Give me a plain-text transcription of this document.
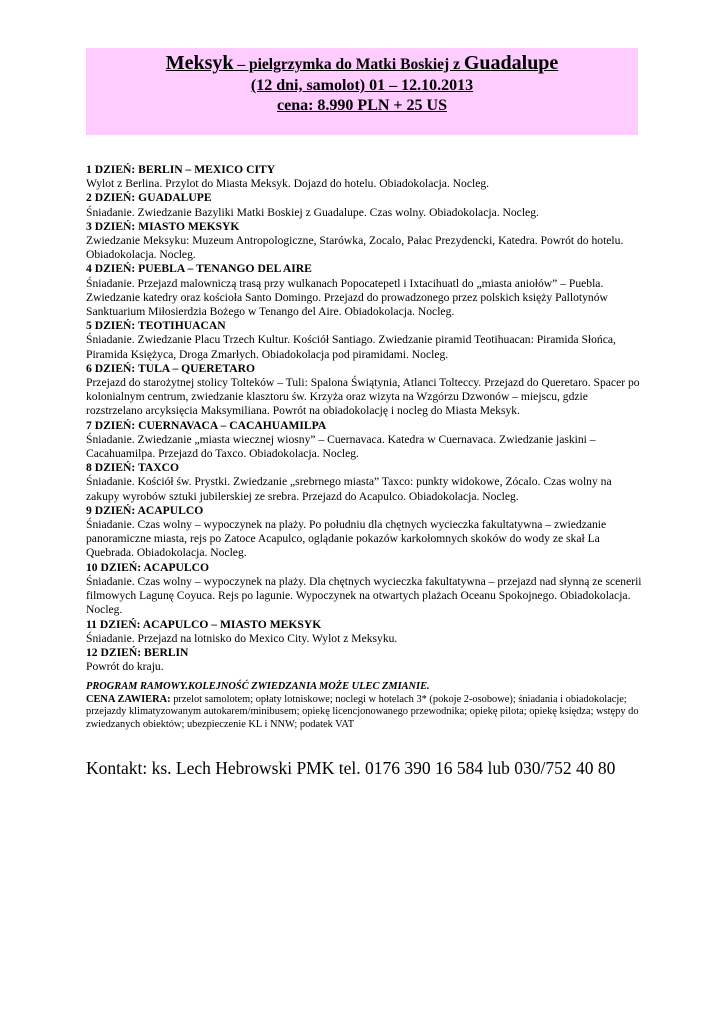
Meksyk – pielgrzymka do Matki Boskiej z Guadalupe
(12 dni, samolot) 01 – 12.10.2013
cena: 8.990 PLN + 25 US
1 DZIEŃ: BERLIN – MEXICO CITY
Wylot z Berlina. Przylot do Miasta Meksyk. Dojazd do hotelu. Obiadokolacja. Nocleg.
2 DZIEŃ: GUADALUPE
Śniadanie. Zwiedzanie Bazyliki Matki Boskiej z Guadalupe. Czas wolny. Obiadokolacja. Nocleg.
3 DZIEŃ: MIASTO MEKSYK
Zwiedzanie Meksyku: Muzeum Antropologiczne, Starówka, Zocalo, Pałac Prezydencki, Katedra. Powrót do hotelu. Obiadokolacja. Nocleg.
4 DZIEŃ: PUEBLA – TENANGO DEL AIRE
Śniadanie. Przejazd malowniczą trasą przy wulkanach Popocatepetl i Ixtacihuatl do „miasta aniołów” – Puebla. Zwiedzanie katedry oraz kościoła Santo Domingo. Przejazd do prowadzonego przez polskich księży Pallotynów Sanktuarium Miłosierdzia Bożego w Tenango del Aire. Obiadokolacja. Nocleg.
5 DZIEŃ: TEOTIHUACAN
Śniadanie. Zwiedzanie Placu Trzech Kultur. Kościół Santiago. Zwiedzanie piramid Teotihuacan: Piramida Słońca, Piramida Księżyca, Droga Zmarłych. Obiadokolacja pod piramidami. Nocleg.
6 DZIEŃ: TULA – QUERETARO
Przejazd do starożytnej stolicy Tolteków – Tuli: Spalona Świątynia, Atlanci Tolteccy. Przejazd do Queretaro. Spacer po kolonialnym centrum, zwiedzanie klasztoru św. Krzyża oraz wizyta na Wzgórzu Dzwonów – miejscu, gdzie rozstrzelano arcyksięcia Maksymiliana. Powrót na obiadokolację i nocleg do Miasta Meksyk.
7 DZIEŃ: CUERNAVACA – CACAHUAMILPA
Śniadanie. Zwiedzanie „miasta wiecznej wiosny” – Cuernavaca. Katedra w Cuernavaca. Zwiedzanie jaskini – Cacahuamilpa. Przejazd do Taxco. Obiadokolacja. Nocleg.
8 DZIEŃ: TAXCO
Śniadanie. Kościół św. Prystki. Zwiedzanie „srebrnego miasta” Taxco: punkty widokowe, Zócalo. Czas wolny na zakupy wyrobów sztuki jubilerskiej ze srebra. Przejazd do Acapulco. Obiadokolacja. Nocleg.
9 DZIEŃ: ACAPULCO
Śniadanie. Czas wolny – wypoczynek na plaży. Po południu dla chętnych wycieczka fakultatywna – zwiedzanie panoramiczne miasta, rejs po Zatoce Acapulco, oglądanie pokazów karkołomnych skoków do wody ze skał La Quebrada. Obiadokolacja. Nocleg.
10 DZIEŃ: ACAPULCO
Śniadanie. Czas wolny – wypoczynek na plaży. Dla chętnych wycieczka fakultatywna – przejazd nad słynną ze scenerii filmowych Lagunę Coyuca. Rejs po lagunie. Wypoczynek na otwartych plażach Oceanu Spokojnego. Obiadokolacja. Nocleg.
11 DZIEŃ: ACAPULCO – MIASTO MEKSYK
Śniadanie. Przejazd na lotnisko do Mexico City. Wylot z Meksyku.
12 DZIEŃ: BERLIN
Powrót do kraju.
PROGRAM RAMOWY.KOLEJNOŚĆ ZWIEDZANIA MOŻE ULEC ZMIANIE.
CENA ZAWIERA: przelot samolotem; opłaty lotniskowe; noclegi w hotelach 3* (pokoje 2-osobowe); śniadania i obiadokolacje; przejazdy klimatyzowanym autokarem/minibusem; opiekę licencjonowanego przewodnika; opiekę pilota; opiekę księdza; wstępy do zwiedzanych obiektów; ubezpieczenie KL i NNW; podatek VAT
Kontakt: ks. Lech Hebrowski PMK tel. 0176 390 16 584 lub 030/752 40 80
